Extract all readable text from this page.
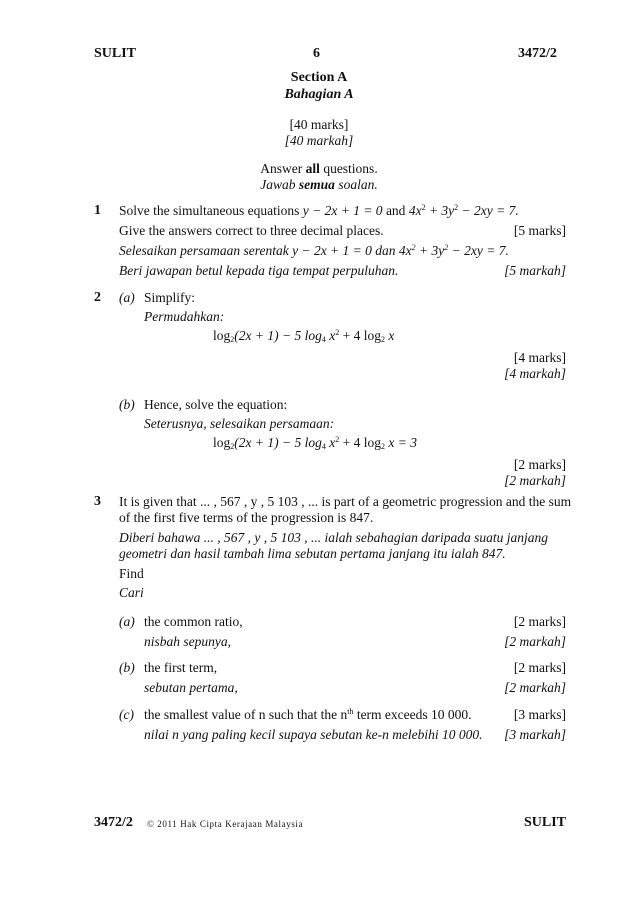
SULIT	6	3472/2
Section A
Bahagian A
[40 marks]
[40 markah]
Answer all questions.
Jawab semua soalan.
1 Solve the simultaneous equations y − 2x + 1 = 0 and $4x^2 + 3y^2 - 2xy = 7$.
Give the answers correct to three decimal places.	[5 marks]
Selesaikan persamaan serentak y − 2x + 1 = 0 dan $4x^2 + 3y^2 - 2xy = 7$.
Beri jawapan betul kepada tiga tempat perpuluhan.	[5 markah]
2 (a) Simplify:
Permudahkan:
$\log_2(2x + 1) - 5$ $\log_4 x^2 + 4$ $\log_2 x$
[4 marks]
[4 markah]
(b) Hence, solve the equation:
Seterusnya, selesaikan persamaan:
$\log_2(2x + 1) - 5$ $\log_4 x^2 + 4$ $\log_2 x = 3$
[2 marks]
[2 markah]
3 It is given that ... , 567 , y , 5 103 , ... is part of a geometric progression and the sum
of the first five terms of the progression is 847.
Diberi bahawa ... , 567 , y , 5 103 , ... ialah sebahagian daripada suatu janjang
geometri dan hasil tambah lima sebutan pertama janjang itu ialah 847.
Find
Cari
(a) the common ratio,	[2 marks]
nisbah sepunya,	[2 markah]
(b) the first term,	[2 marks]
sebutan pertama,	[2 markah]
(c) the smallest value of n such that the $n^{th}$ term exceeds 10 000.	[3 marks]
nilai n yang paling kecil supaya sebutan ke-n melebihi 10 000. [3 markah]
3472/2 © 2011 Hak Cipta Kerajaan Malaysia	SULIT
